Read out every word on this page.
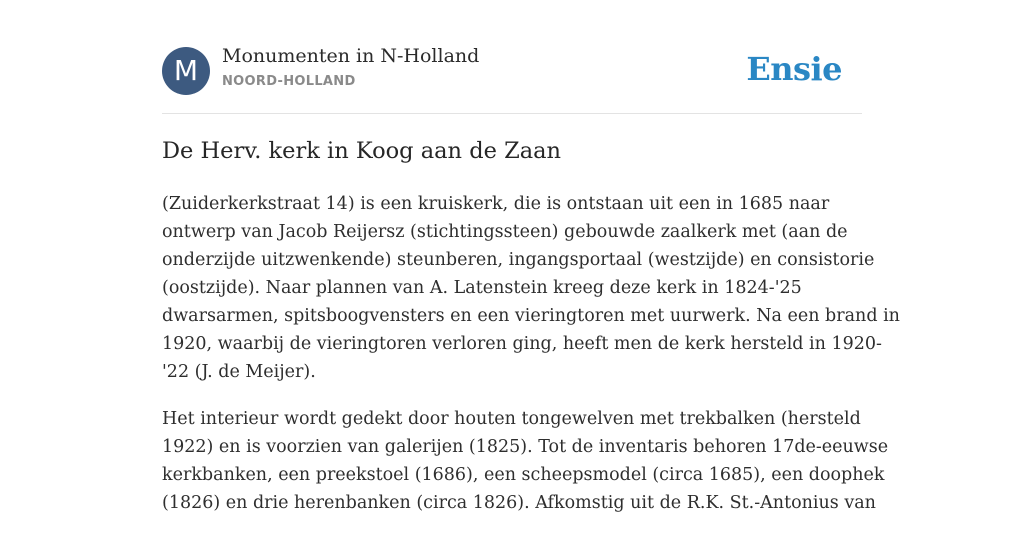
M	Monumenten in N-Holland
NOORD-HOLLAND	Ensie
De Herv. kerk in Koog aan de Zaan

(Zuiderkerkstraat 14) is een kruiskerk, die is ontstaan uit een in 1685 naar
ontwerp van Jacob Reijersz (stichtingssteen) gebouwde zaalkerk met (aan de
onderzijde uitzwenkende) steunberen, ingangsportaal (westzijde) en consistorie
(oostzijde). Naar plannen van A. Latenstein kreeg deze kerk in 1824-'25
dwarsarmen, spitsboogvensters en een vieringtoren met uurwerk. Na een brand in
1920, waarbij de vieringtoren verloren ging, heeft men de kerk hersteld in 1920-
'22 (J. de Meijer).

Het interieur wordt gedekt door houten tongewelven met trekbalken (hersteld
1922) en is voorzien van galerijen (1825). Tot de inventaris behoren 17de-eeuwse
kerkbanken, een preekstoel (1686), een scheepsmodel (circa 1685), een doophek
(1826) en drie herenbanken (circa 1826). Afkomstig uit de R.K. St.-Antonius van
